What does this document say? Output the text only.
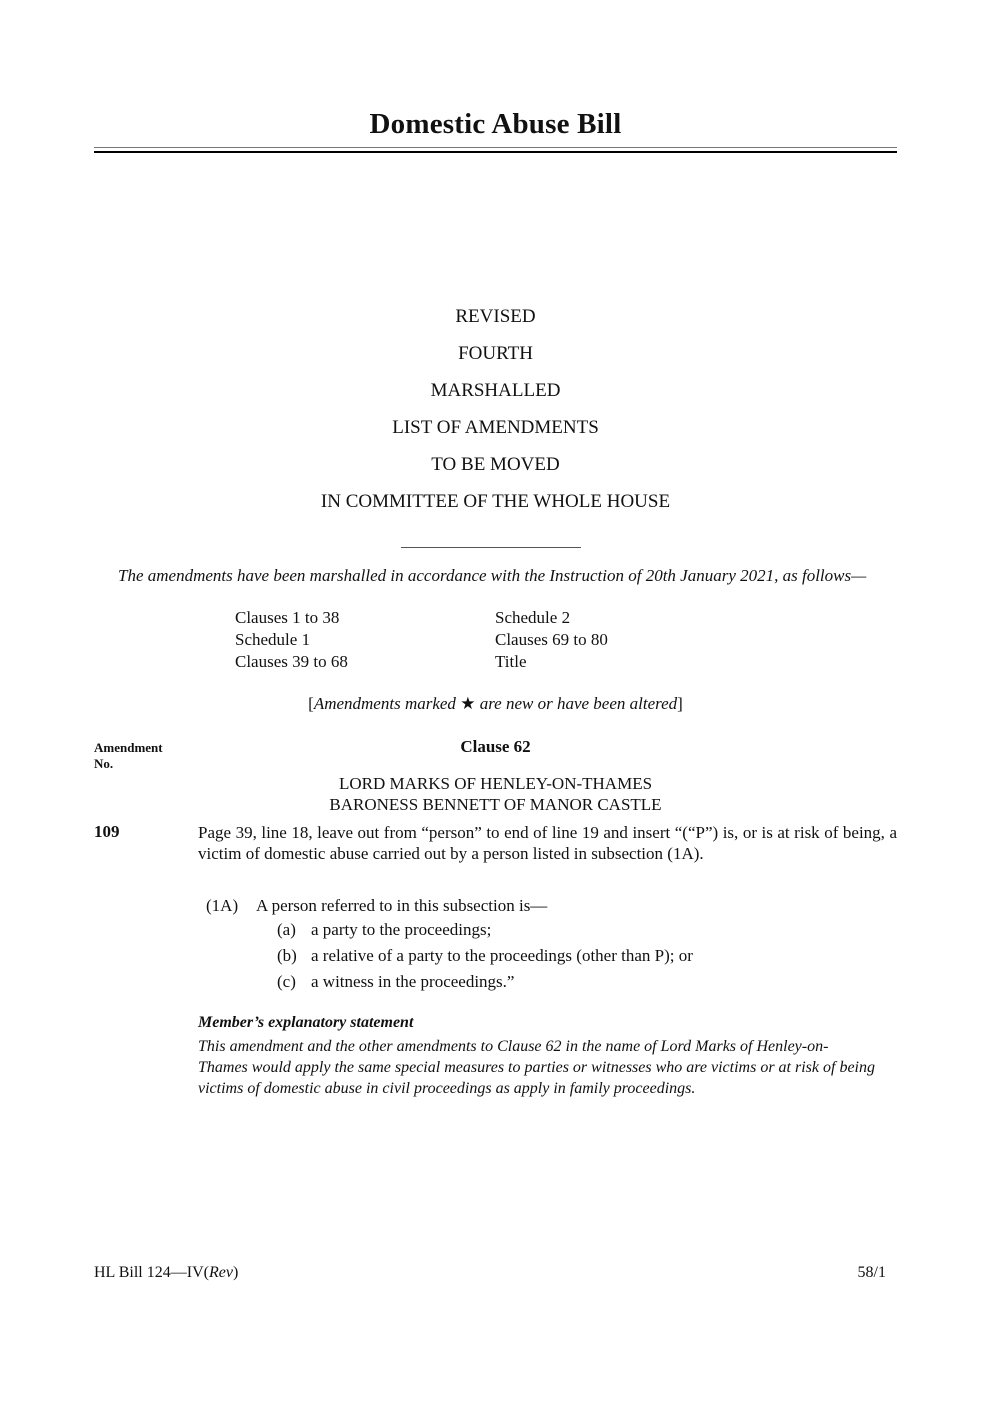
Domestic Abuse Bill
REVISED
FOURTH
MARSHALLED
LIST OF AMENDMENTS
TO BE MOVED
IN COMMITTEE OF THE WHOLE HOUSE
The amendments have been marshalled in accordance with the Instruction of 20th January 2021, as follows—
Clauses 1 to 38
Schedule 1
Clauses 39 to 68
Schedule 2
Clauses 69 to 80
Title
[Amendments marked ★ are new or have been altered]
Amendment
No.
Clause 62
LORD MARKS OF HENLEY-ON-THAMES
BARONESS BENNETT OF MANOR CASTLE
109	Page 39, line 18, leave out from “person” to end of line 19 and insert “(“P”) is, or is at risk of being, a victim of domestic abuse carried out by a person listed in subsection (1A).
(1A) A person referred to in this subsection is—
(a) a party to the proceedings;
(b) a relative of a party to the proceedings (other than P); or
(c) a witness in the proceedings.”
Member’s explanatory statement
This amendment and the other amendments to Clause 62 in the name of Lord Marks of Henley-on-Thames would apply the same special measures to parties or witnesses who are victims or at risk of being victims of domestic abuse in civil proceedings as apply in family proceedings.
HL Bill 124—IV(Rev)	58/1
